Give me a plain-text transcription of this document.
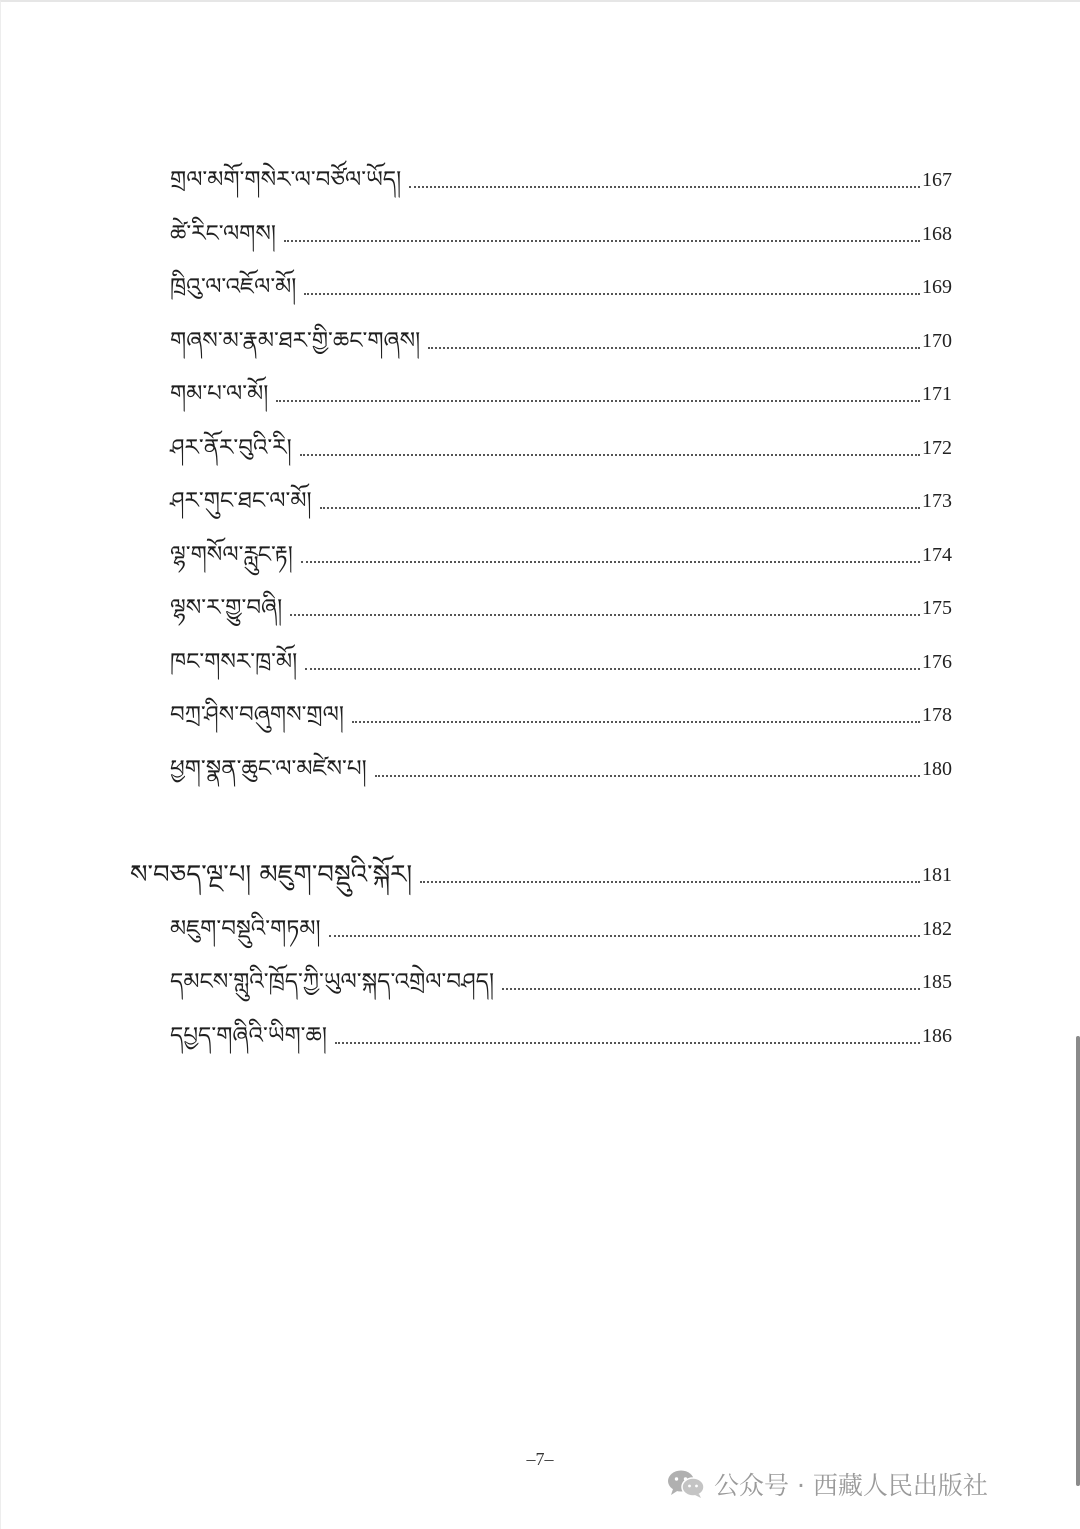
གྲལ་མགོ་གསེར་ལ་བཙོལ་ཡོད།	167
ཚེ་རིང་ལགས།	168
ཁྲིའུ་ལ་འཇོལ་མོ།	169
གཞས་མ་རྣམ་ཐར་གྱི་ཆང་གཞས།	170
གམ་པ་ལ་མོ།	171
ཤར་ནོར་བུའི་རི།	172
ཤར་གུང་ཐང་ལ་མོ།	173
ལྷ་གསོལ་རླུང་རྟ།	174
ལྷས་ར་གྱུ་བཞི།	175
ཁང་གསར་ཁྲ་མོ།	176
བཀྲ་ཤིས་བཞུགས་གྲལ།	178
ཕྱག་སྣན་ཆུང་ལ་མཛེས་པ།	180
ས་བཅད་ལྔ་པ། མཇུག་བསྡུའི་སྐོར།	181
མཇུག་བསྡུའི་གཏམ།	182
དམངས་གླུའི་ཁྲོད་ཀྱི་ཡུལ་སྐད་འགྲེལ་བཤད།	185
དཔྱད་གཞིའི་ཡིག་ཆ།	186
–7–
公众号 · 西藏人民出版社
